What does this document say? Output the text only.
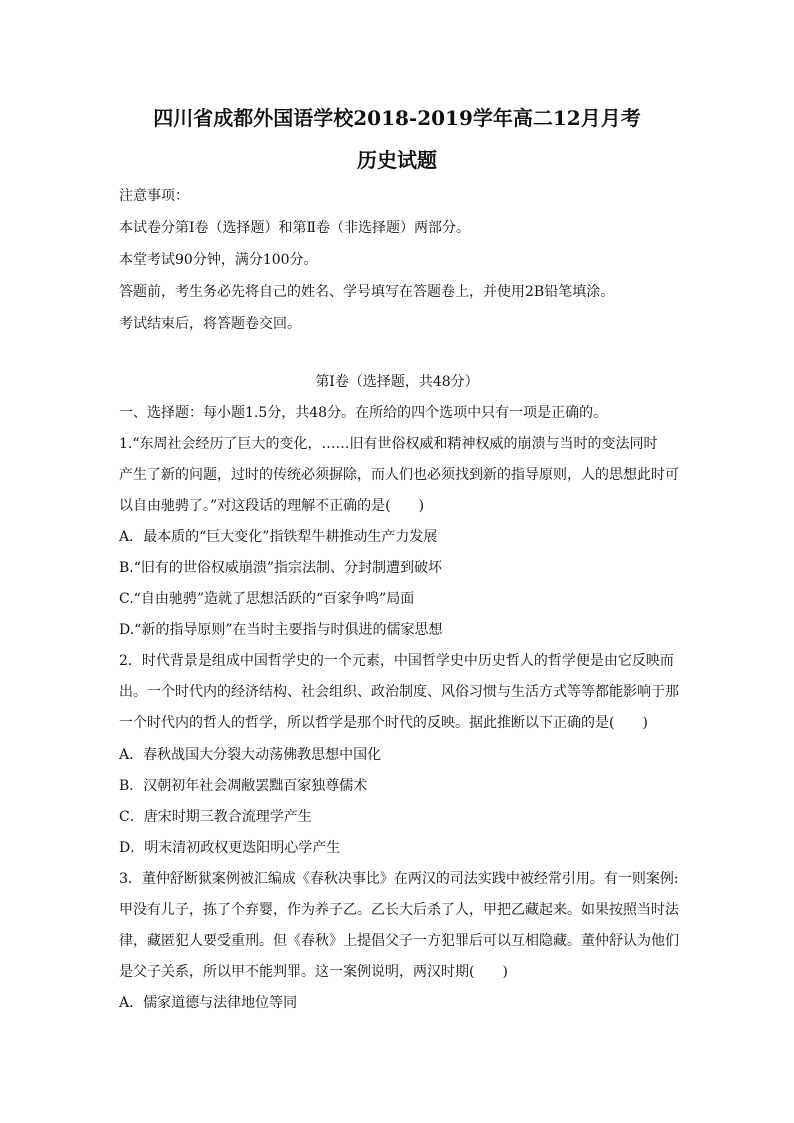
四川省成都外国语学校2018-2019学年高二12月月考
历史试题
注意事项：
本试卷分第Ⅰ卷（选择题）和第Ⅱ卷（非选择题）两部分。
本堂考试90分钟，满分100分。
答题前，考生务必先将自己的姓名、学号填写在答题卷上，并使用2B铅笔填涂。
考试结束后，将答题卷交回。
第Ⅰ卷（选择题，共48分）
一、选择题：每小题1.5分，共48分。在所给的四个选项中只有一项是正确的。
1.“东周社会经历了巨大的变化，……旧有世俗权威和精神权威的崩溃与当时的变法同时
产生了新的问题，过时的传统必须摒除，而人们也必须找到新的指导原则，人的思想此时可
以自由驰骋了。”对这段话的理解不正确的是(　　)
A．最本质的“巨大变化”指铁犁牛耕推动生产力发展
B.“旧有的世俗权威崩溃”指宗法制、分封制遭到破坏
C.“自由驰骋”造就了思想活跃的“百家争鸣”局面
D.“新的指导原则”在当时主要指与时俱进的儒家思想
2．时代背景是组成中国哲学史的一个元素，中国哲学史中历史哲人的哲学便是由它反映而
出。一个时代内的经济结构、社会组织、政治制度、风俗习惯与生活方式等等都能影响于那
一个时代内的哲人的哲学，所以哲学是那个时代的反映。据此推断以下正确的是(　　)
A．春秋战国大分裂大动荡佛教思想中国化
B．汉朝初年社会凋敝罢黜百家独尊儒术
C．唐宋时期三教合流理学产生
D．明末清初政权更迭阳明心学产生
3．董仲舒断狱案例被汇编成《春秋决事比》在两汉的司法实践中被经常引用。有一则案例:
甲没有儿子，拣了个弃婴，作为养子乙。乙长大后杀了人，甲把乙藏起来。如果按照当时法
律，藏匿犯人要受重刑。但《春秋》上提倡父子一方犯罪后可以互相隐藏。董仲舒认为他们
是父子关系，所以甲不能判罪。这一案例说明，两汉时期(　　)
A．儒家道德与法律地位等同
